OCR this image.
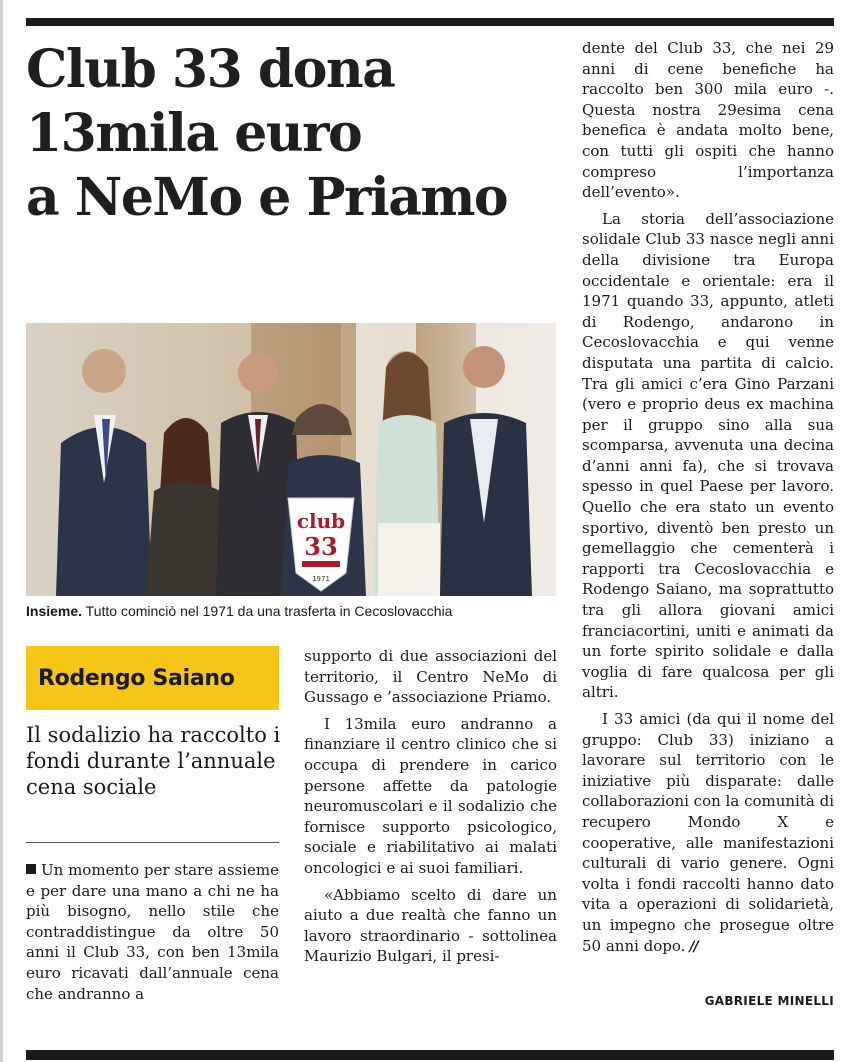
Club 33 dona
13mila euro
a NeMo e Priamo
club
33
1971
Insieme. Tutto cominciò nel 1971 da una trasferta in Cecoslovacchia
Rodengo Saiano
Il sodalizio ha raccolto i fondi durante l’annuale cena sociale

Un momento per stare assieme e per dare una mano a chi ne ha più bisogno, nello stile che contraddistingue da oltre 50 anni il Club 33, con ben 13mila euro ricavati dall’annuale cena che andranno a

supporto di due associazioni del territorio, il Centro NeMo di Gussago e ’associazione Priamo.

I 13mila euro andranno a finanziare il centro clinico che si occupa di prendere in carico persone affette da patologie neuromuscolari e il sodalizio che fornisce supporto psicologico, sociale e riabilitativo ai malati oncologici e ai suoi familiari.

«Abbiamo scelto di dare un aiuto a due realtà che fanno un lavoro straordinario - sottolinea Maurizio Bulgari, il presi-

dente del Club 33, che nei 29 anni di cene benefiche ha raccolto ben 300 mila euro -. Questa nostra 29esima cena benefica è andata molto bene, con tutti gli ospiti che hanno compreso l’importanza dell’evento».

La storia dell’associazione solidale Club 33 nasce negli anni della divisione tra Europa occidentale e orientale: era il 1971 quando 33, appunto, atleti di Rodengo, andarono in Cecoslovacchia e qui venne disputata una partita di calcio. Tra gli amici c’era Gino Parzani (vero e proprio deus ex machina per il gruppo sino alla sua scomparsa, avvenuta una decina d’anni anni fa), che si trovava spesso in quel Paese per lavoro. Quello che era stato un evento sportivo, diventò ben presto un gemellaggio che cementerà i rapporti tra Cecoslovacchia e Rodengo Saiano, ma soprattutto tra gli allora giovani amici franciacortini, uniti e animati da un forte spirito solidale e dalla voglia di fare qualcosa per gli altri.

I 33 amici (da qui il nome del gruppo: Club 33) iniziano a lavorare sul territorio con le iniziative più disparate: dalle collaborazioni con la comunità di recupero Mondo X e cooperative, alle manifestazioni culturali di vario genere. Ogni volta i fondi raccolti hanno dato vita a operazioni di solidarietà, un impegno che prosegue oltre 50 anni dopo. //

GABRIELE MINELLI
